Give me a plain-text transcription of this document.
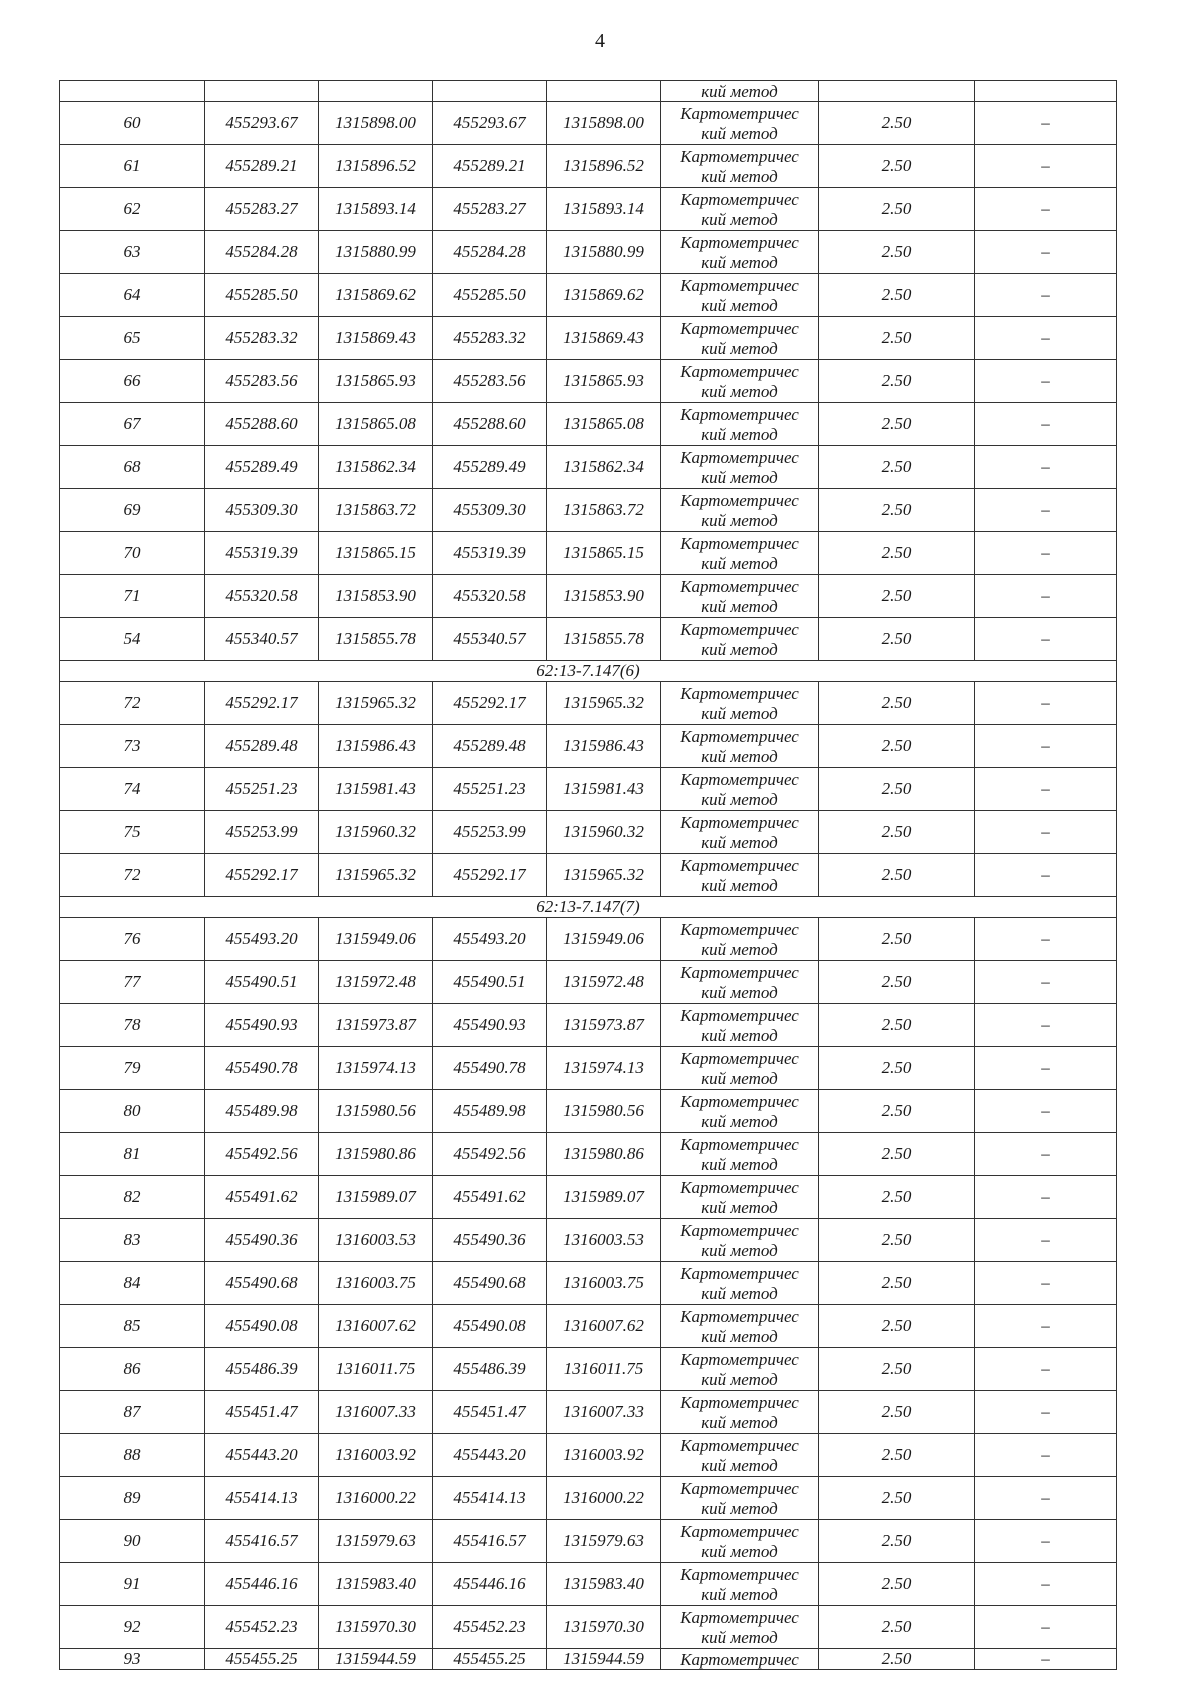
4
					кий метод		
60	455293.67	1315898.00	455293.67	1315898.00	Картометричес
кий метод	2.50	–
61	455289.21	1315896.52	455289.21	1315896.52	Картометричес
кий метод	2.50	–
62	455283.27	1315893.14	455283.27	1315893.14	Картометричес
кий метод	2.50	–
63	455284.28	1315880.99	455284.28	1315880.99	Картометричес
кий метод	2.50	–
64	455285.50	1315869.62	455285.50	1315869.62	Картометричес
кий метод	2.50	–
65	455283.32	1315869.43	455283.32	1315869.43	Картометричес
кий метод	2.50	–
66	455283.56	1315865.93	455283.56	1315865.93	Картометричес
кий метод	2.50	–
67	455288.60	1315865.08	455288.60	1315865.08	Картометричес
кий метод	2.50	–
68	455289.49	1315862.34	455289.49	1315862.34	Картометричес
кий метод	2.50	–
69	455309.30	1315863.72	455309.30	1315863.72	Картометричес
кий метод	2.50	–
70	455319.39	1315865.15	455319.39	1315865.15	Картометричес
кий метод	2.50	–
71	455320.58	1315853.90	455320.58	1315853.90	Картометричес
кий метод	2.50	–
54	455340.57	1315855.78	455340.57	1315855.78	Картометричес
кий метод	2.50	–
62:13-7.147(6)							
72	455292.17	1315965.32	455292.17	1315965.32	Картометричес
кий метод	2.50	–
73	455289.48	1315986.43	455289.48	1315986.43	Картометричес
кий метод	2.50	–
74	455251.23	1315981.43	455251.23	1315981.43	Картометричес
кий метод	2.50	–
75	455253.99	1315960.32	455253.99	1315960.32	Картометричес
кий метод	2.50	–
72	455292.17	1315965.32	455292.17	1315965.32	Картометричес
кий метод	2.50	–
62:13-7.147(7)							
76	455493.20	1315949.06	455493.20	1315949.06	Картометричес
кий метод	2.50	–
77	455490.51	1315972.48	455490.51	1315972.48	Картометричес
кий метод	2.50	–
78	455490.93	1315973.87	455490.93	1315973.87	Картометричес
кий метод	2.50	–
79	455490.78	1315974.13	455490.78	1315974.13	Картометричес
кий метод	2.50	–
80	455489.98	1315980.56	455489.98	1315980.56	Картометричес
кий метод	2.50	–
81	455492.56	1315980.86	455492.56	1315980.86	Картометричес
кий метод	2.50	–
82	455491.62	1315989.07	455491.62	1315989.07	Картометричес
кий метод	2.50	–
83	455490.36	1316003.53	455490.36	1316003.53	Картометричес
кий метод	2.50	–
84	455490.68	1316003.75	455490.68	1316003.75	Картометричес
кий метод	2.50	–
85	455490.08	1316007.62	455490.08	1316007.62	Картометричес
кий метод	2.50	–
86	455486.39	1316011.75	455486.39	1316011.75	Картометричес
кий метод	2.50	–
87	455451.47	1316007.33	455451.47	1316007.33	Картометричес
кий метод	2.50	–
88	455443.20	1316003.92	455443.20	1316003.92	Картометричес
кий метод	2.50	–
89	455414.13	1316000.22	455414.13	1316000.22	Картометричес
кий метод	2.50	–
90	455416.57	1315979.63	455416.57	1315979.63	Картометричес
кий метод	2.50	–
91	455446.16	1315983.40	455446.16	1315983.40	Картометричес
кий метод	2.50	–
92	455452.23	1315970.30	455452.23	1315970.30	Картометричес
кий метод	2.50	–
93	455455.25	1315944.59	455455.25	1315944.59	Картометричес	2.50	–
